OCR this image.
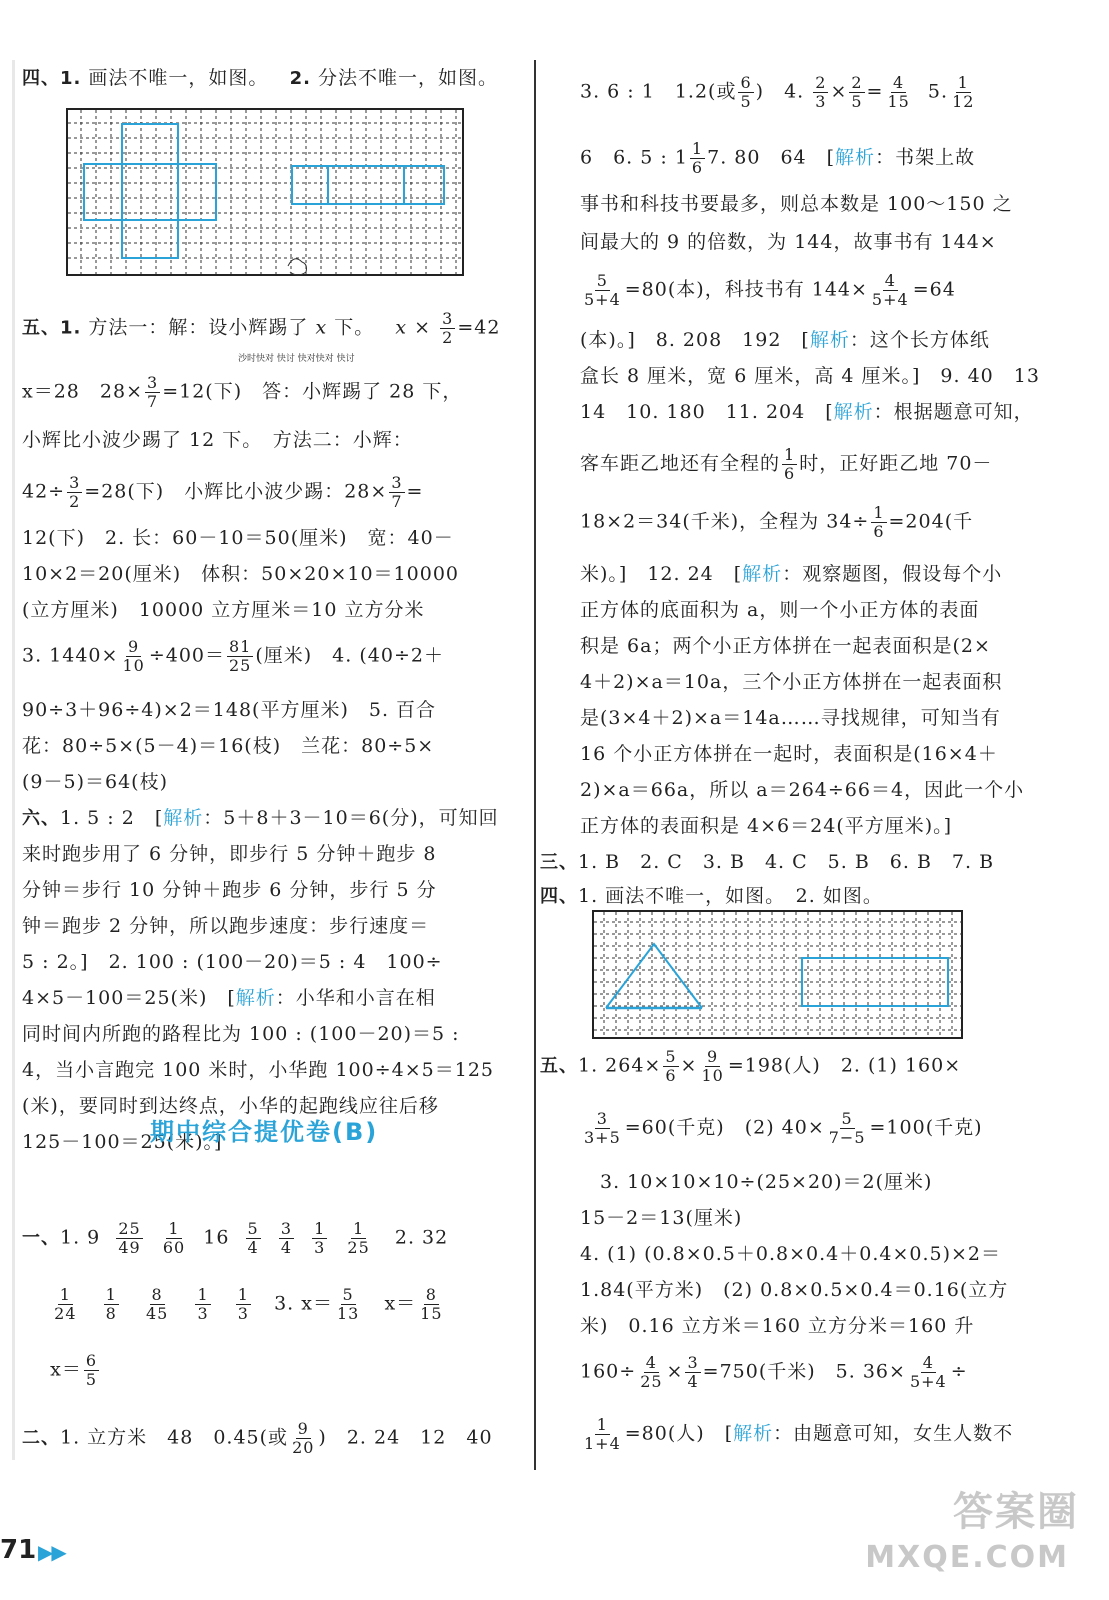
四、1. 画法不唯一，如图。 2. 分法不唯一，如图。
五、1. 方法一：解：设小辉踢了 x 下。 $x \times \frac{3}{2} =42$
沙时快对 快讨 快对快对 快讨
x＝28　$28\times \frac{3}{7} =12$(下)　答：小辉踢了 28 下，
小辉比小波少踢了 12 下。　方法二：小辉：
$42\div \frac{3}{2} =28$(下)　小辉比小波少踢：$28\times \frac{3}{7}$ =
12(下)　2. 长：60－10＝50(厘米)　宽：40－
10×2＝20(厘米)　体积：50×20×10＝10000
(立方厘米)　10000 立方厘米＝10 立方分米
3. $1440\times \frac{9}{10} \div 400= \frac{81}{25}$ (厘米)　4. (40÷2＋
90÷3＋96÷4)×2＝148(平方厘米)　5. 百合
花：80÷5×(5－4)＝16(枝)　兰花：80÷5×
(9－5)＝64(枝)
六、1. 5 : 2　[解析：5＋8＋3－10＝6(分)，可知回
来时跑步用了 6 分钟，即步行 5 分钟＋跑步 8
分钟＝步行 10 分钟＋跑步 6 分钟，步行 5 分
钟＝跑步 2 分钟，所以跑步速度：步行速度＝
5 : 2。]　2. 100 : (100－20)＝5 : 4　100÷
4×5－100＝25(米)　[解析：小华和小言在相
同时间内所跑的路程比为 100 : (100－20)＝5 :
4，当小言跑完 100 米时，小华跑 100÷4×5＝125
(米)，要同时到达终点，小华的起跑线应往后移
125－100＝25(米)。]
一、1. $9 \frac{25}{49}$
$\frac{1}{60} 16 \frac{5}{4}$
$\frac{3}{4}$
$\frac{1}{3}$
$\frac{1}{25} 2$. 32

$\frac{1}{24}$
$\frac{1}{8}$
$\frac{8}{45}$
$\frac{1}{3}$
$\frac{1}{3} 3$. $x= \frac{5}{13} x= \frac{8}{15}$
$x= \frac{6}{5}$
二、1. 立方米　48　0.45(或 $\frac{9}{20}$ )　2. 24　12　40
期中综合提优卷(B)
3. 6 : 1　1.2(或 $\frac{6}{5}$ )　4. $\frac{2}{3} \times \frac{2}{5} = \frac{4}{15} 5$. $\frac{1}{12}$
6　6. 5 : $1 \frac{1}{6} 7$. 80　64　[解析：书架上故
事书和科技书要最多，则总本数是 100～150 之
间最大的 9 的倍数，为 144，故事书有 144×
$\frac{5}{5+4} =80$(本)，科技书有 $144\times \frac{4}{5+4} =64$
(本)。]　8. 208　192　[解析：这个长方体纸
盒长 8 厘米，宽 6 厘米，高 4 厘米。]　9. 40　13
14　10. 180　11. 204　[解析：根据题意可知，
客车距乙地还有全程的 $\frac{1}{6}$ 时，正好距乙地 70－
18×2＝34(千米)，全程为 $34\div \frac{1}{6} =204$(千
米)。]　12. 24　[解析：观察题图，假设每个小
正方体的底面积为 a，则一个小正方体的表面
积是 6a；两个小正方体拼在一起表面积是(2×
4＋2)×a＝10a，三个小正方体拼在一起表面积
是(3×4＋2)×a＝14a……寻找规律，可知当有
16 个小正方体拼在一起时，表面积是(16×4＋
2)×a＝66a，所以 a＝264÷66＝4，因此一个小
正方体的表面积是 4×6＝24(平方厘米)。]
三、1. B　2. C　3. B　4. C　5. B　6. B　7. B
四、1. 画法不唯一，如图。　2. 如图。
五、1. $264\times \frac{5}{6} \times \frac{9}{10} =198$(人)　2. (1) 160×
$\frac{3}{3+5} =60$(千克)　(2) $40\times \frac{5}{7-5} =100$(千克)
3. 10×10×10÷(25×20)＝2(厘米)
15－2＝13(厘米)
4. (1) (0.8×0.5＋0.8×0.4＋0.4×0.5)×2＝
1.84(平方米)　(2) 0.8×0.5×0.4＝0.16(立方
米)　0.16 立方米＝160 立方分米＝160 升
$160\div \frac{4}{25} \times \frac{3}{4} =750$(千米)　5. $36\times \frac{4}{5+4}$ ÷
$\frac{1}{1+4} =80$(人)　[解析：由题意可知，女生人数不
71 ▶▶
答案圈
MXQE.COM
